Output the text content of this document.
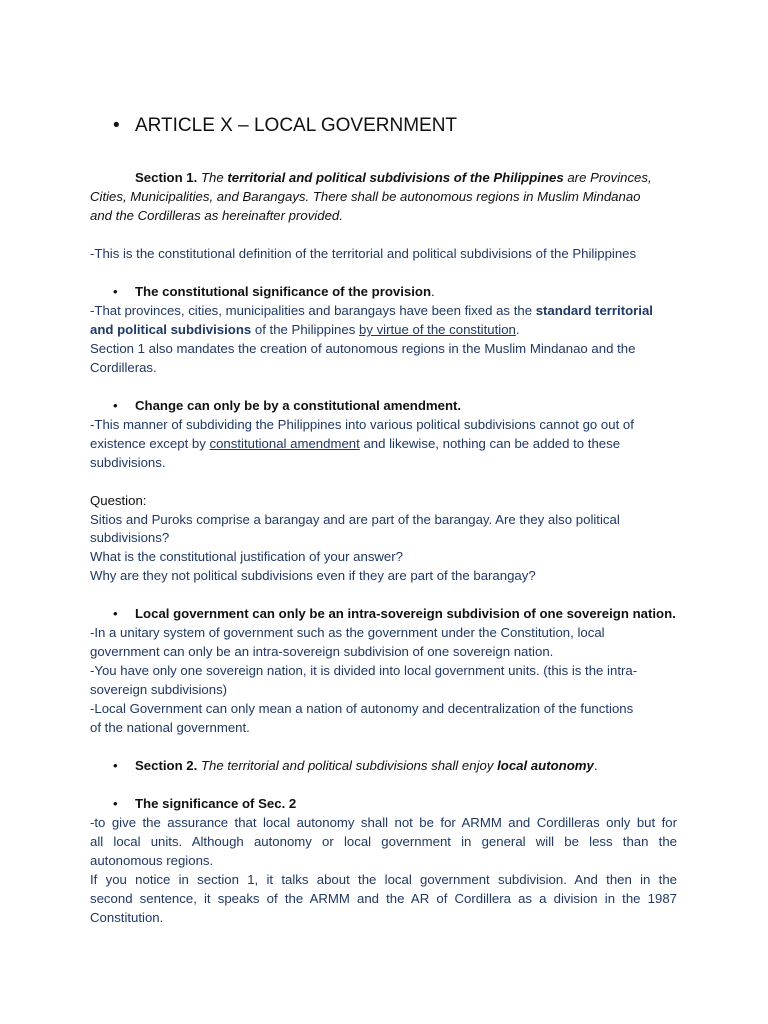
• ARTICLE X – LOCAL GOVERNMENT
Section 1. The territorial and political subdivisions of the Philippines are Provinces,
Cities, Municipalities, and Barangays. There shall be autonomous regions in Muslim Mindanao
and the Cordilleras as hereinafter provided.
-This is the constitutional definition of the territorial and political subdivisions of the Philippines
• The constitutional significance of the provision.
-That provinces, cities, municipalities and barangays have been fixed as the standard territorial
and political subdivisions of the Philippines by virtue of the constitution.
Section 1 also mandates the creation of autonomous regions in the Muslim Mindanao and the
Cordilleras.
• Change can only be by a constitutional amendment.
-This manner of subdividing the Philippines into various political subdivisions cannot go out of
existence except by constitutional amendment and likewise, nothing can be added to these
subdivisions.
Question:
Sitios and Puroks comprise a barangay and are part of the barangay. Are they also political
subdivisions?
What is the constitutional justification of your answer?
Why are they not political subdivisions even if they are part of the barangay?
• Local government can only be an intra-sovereign subdivision of one sovereign nation.
-In a unitary system of government such as the government under the Constitution, local
government can only be an intra-sovereign subdivision of one sovereign nation.
-You have only one sovereign nation, it is divided into local government units. (this is the intra-
sovereign subdivisions)
-Local Government can only mean a nation of autonomy and decentralization of the functions
of the national government.
• Section 2. The territorial and political subdivisions shall enjoy local autonomy.
• The significance of Sec. 2
-to give the assurance that local autonomy shall not be for ARMM and Cordilleras only but for
all local units. Although autonomy or local government in general will be less than the
autonomous regions.
If you notice in section 1, it talks about the local government subdivision. And then in the
second sentence, it speaks of the ARMM and the AR of Cordillera as a division in the 1987
Constitution.
